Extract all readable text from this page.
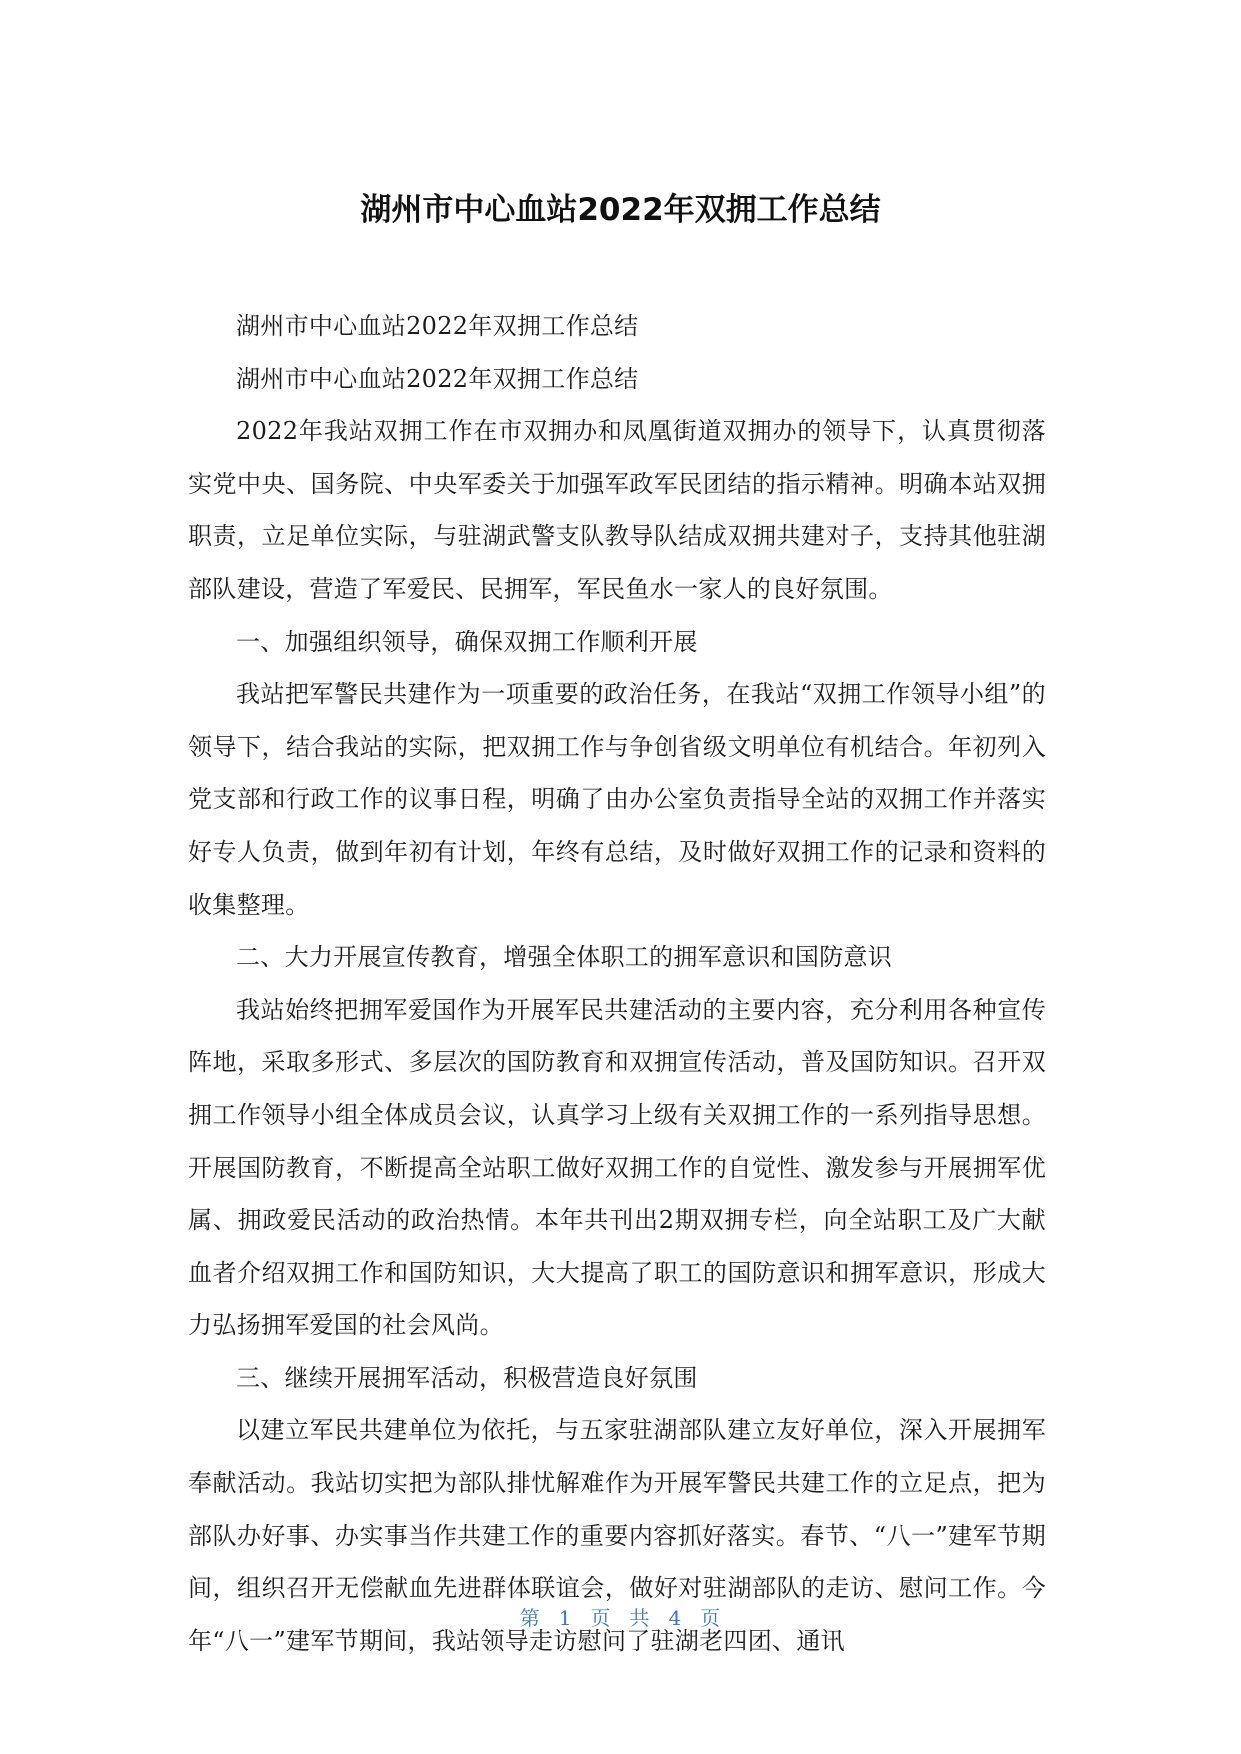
湖州市中心血站2022年双拥工作总结

湖州市中心血站2022年双拥工作总结

湖州市中心血站2022年双拥工作总结

2022年我站双拥工作在市双拥办和凤凰街道双拥办的领导下，认真贯彻落实党中央、国务院、中央军委关于加强军政军民团结的指示精神。明确本站双拥职责，立足单位实际，与驻湖武警支队教导队结成双拥共建对子，支持其他驻湖部队建设，营造了军爱民、民拥军，军民鱼水一家人的良好氛围。

一、加强组织领导，确保双拥工作顺利开展

我站把军警民共建作为一项重要的政治任务，在我站“双拥工作领导小组”的领导下，结合我站的实际，把双拥工作与争创省级文明单位有机结合。年初列入党支部和行政工作的议事日程，明确了由办公室负责指导全站的双拥工作并落实好专人负责，做到年初有计划，年终有总结，及时做好双拥工作的记录和资料的收集整理。

二、大力开展宣传教育，增强全体职工的拥军意识和国防意识

我站始终把拥军爱国作为开展军民共建活动的主要内容，充分利用各种宣传阵地，采取多形式、多层次的国防教育和双拥宣传活动，普及国防知识。召开双拥工作领导小组全体成员会议，认真学习上级有关双拥工作的一系列指导思想。开展国防教育，不断提高全站职工做好双拥工作的自觉性、激发参与开展拥军优属、拥政爱民活动的政治热情。本年共刊出2期双拥专栏，向全站职工及广大献血者介绍双拥工作和国防知识，大大提高了职工的国防意识和拥军意识，形成大力弘扬拥军爱国的社会风尚。

三、继续开展拥军活动，积极营造良好氛围

以建立军民共建单位为依托，与五家驻湖部队建立友好单位，深入开展拥军奉献活动。我站切实把为部队排忧解难作为开展军警民共建工作的立足点，把为部队办好事、办实事当作共建工作的重要内容抓好落实。春节、“八一”建军节期间，组织召开无偿献血先进群体联谊会，做好对驻湖部队的走访、慰问工作。今年“八一”建军节期间，我站领导走访慰问了驻湖老四团、通讯

第 1 页 共 4 页
